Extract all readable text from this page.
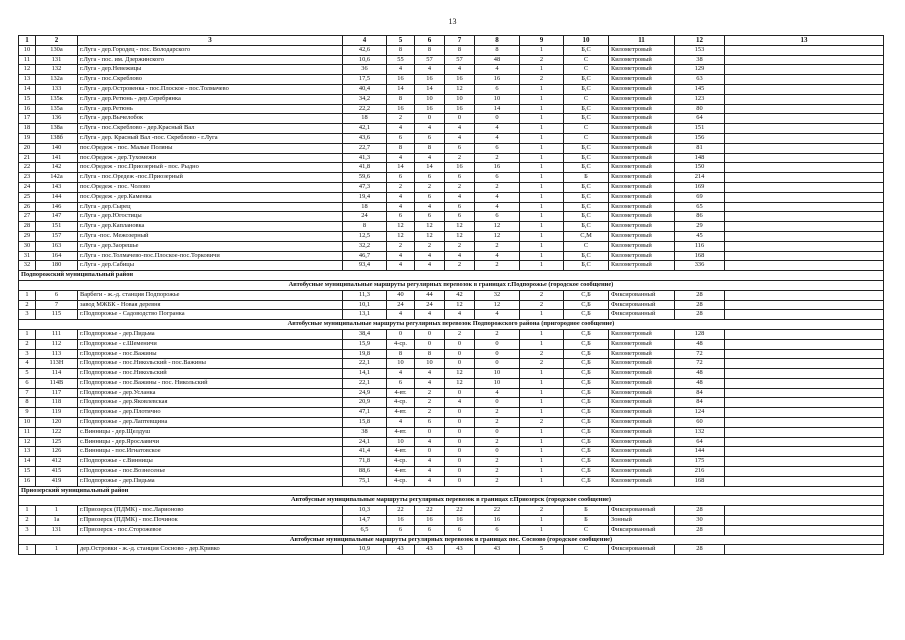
13
1	2	3	4	5	6	7	8	9	10	11	12	13
10	130а	г.Луга - дер.Городец - пос. Володарского	42,6	8	8	8	8	1	Б,С	Километровый	153	
11	131	г.Луга - пос. им. Дзержинского	10,6	55	57	57	48	2	С	Километровый	38	
12	132	г.Луга - дер.Невежицы	36	4	4	4	4	1	С	Километровый	129	
13	132а	г.Луга - пос.Скреблово	17,5	16	16	16	16	2	Б,С	Километровый	63	
14	133	г.Луга - дер.Островенка - пос.Плоское - пос.Толмачево	40,4	14	14	12	6	1	Б,С	Километровый	145	
15	135к	г.Луга - дер.Ретюнь - дер.Серебрянка	34,2	8	10	10	10	1	С	Километровый	123	
16	135а	г.Луга - дер.Ретюнь	22,2	16	16	16	14	1	Б,С	Километровый	80	
17	136	г.Луга - дер.Вычелобок	18	2	0	0	0	1	Б,С	Километровый	64	
18	138а	г.Луга - пос.Скреблово - дер.Красный Вал	42,1	4	4	4	4	1	С	Километровый	151	
19	138б	г.Луга - дер. Красный Вал -пос. Скреблово - г.Луга	43,6	6	6	4	4	1	С	Километровый	156	
20	140	пос.Оредеж - пос. Малые Поляны	22,7	8	8	6	6	1	Б,С	Километровый	81	
21	141	пос.Оредеж - дер.Тухомежи	41,3	4	4	2	2	1	Б,С	Километровый	148	
22	142	пос.Оредеж - пос.Приозерный - пос. Рыдно	41,8	14	14	16	16	1	Б,С	Километровый	150	
23	142а	г.Луга - пос.Оредеж -пос.Приозерный	59,6	6	6	6	6	1	Б	Километровый	214	
24	143	пос.Оредеж - пос. Чолово	47,3	2	2	2	2	1	Б,С	Километровый	169	
25	144	пос.Оредеж - дер.Каменка	19,4	4	6	4	4	1	Б,С	Километровый	69	
26	146	г.Луга - дер.Сырец	18	4	4	6	4	1	Б,С	Километровый	65	
27	147	г.Луга - дер.Югостицы	24	6	6	6	6	1	Б,С	Километровый	86	
28	151	г.Луга - дер.Каплановка	8	12	12	12	12	1	Б,С	Километровый	29	
29	157	г.Луга -пос. Межозерный	12,5	12	12	12	12	1	С,М	Километровый	45	
30	163	г.Луга - дер.Заорешье	32,2	2	2	2	2	1	С	Километровый	116	
31	164	г.Луга - пос.Толмачево-пос.Плоское-пос.Торковичи	46,7	4	4	4	4	1	Б,С	Километровый	168	
32	180	г.Луга - дер.Сабицы	93,4	4	4	2	2	1	Б,С	Километровый	336	
Подпорожский муниципальный район												
Автобусные муниципальные маршруты регулярных перевозок в границах г.Подпорожье (городское сообщение)												
1	6	Варбеги - ж.-д. станция Подпорожье	11,3	40	44	42	32	2	С,Б	Фиксированный	28	
2	7	завод МЖБК - Новая деревня	10,1	24	24	12	12	2	С,Б	Фиксированный	28	
3	115	г.Подпорожье - Садоводство Погранка	13,1	4	4	4	4	1	С,Б	Фиксированный	28	
Автобусные муниципальные маршруты регулярных перевозок Подпорожского района (пригородное сообщение)												
1	111	г.Подпорожье - дер.Пидьма	38,4	0	0	2	2	1	С,Б	Километровый	128	
2	112	г.Подпорожье - с.Шеменичи	15,9	4-ср.	0	0	0	1	С,Б	Километровый	48	
3	113	г.Подпорожье - пос.Важины	19,8	8	8	0	0	2	С,Б	Километровый	72	
4	113Н	г.Подпорожье - пос.Никольский - пос.Важины	22,1	10	10	0	0	2	С,Б	Километровый	72	
5	114	г.Подпорожье - пос.Никольский	14,1	4	4	12	10	1	С,Б	Километровый	48	
6	114В	г.Подпорожье - пос.Важины - пос. Никольский	22,1	6	4	12	10	1	С,Б	Километровый	48	
7	117	г.Подпорожье - дер.Усланка	24,9	4-вт.	2	0	4	1	С,Б	Километровый	84	
8	118	г.Подпорожье - дер.Яковлевская	20,9	4-ср.	2	4	0	1	С,Б	Километровый	84	
9	119	г.Подпорожье - дер.Плотично	47,1	4-вт.	2	0	2	1	С,Б	Километровый	124	
10	120	г.Подпорожье - дер.Лаптевщина	15,8	4	6	0	2	2	С,Б	Километровый	60	
11	122	с.Винницы - дер.Щелдуш	38	4-вт.	0	0	0	1	С,Б	Километровый	132	
12	125	с.Винницы - дер.Ярославичи	24,1	10	4	0	2	1	С,Б	Километровый	64	
13	126	с.Винницы - пос.Игнатовское	41,4	4-вт.	0	0	0	1	С,Б	Километровый	144	
14	412	г.Подпорожье - с.Винницы	71,8	4-ср.	4	0	2	1	С,Б	Километровый	175	
15	415	г.Подпорожье - пос.Вознесенье	88,6	4-вт.	4	0	2	1	С,Б	Километровый	216	
16	419	г.Подпорожье - дер.Пидьма	75,1	4-ср.	4	0	2	1	С,Б	Километровый	168	
Приозерский муниципальный район												
Автобусные муниципальные маршруты регулярных перевозок в границах г.Приозерск (городское сообщение)												
1	1	г.Приозерск (ПДМК) - пос.Ларионово	10,3	22	22	22	22	2	Б	Фиксированный	28	
2	1а	г.Приозерск (ПДМК) - пос.Починок	14,7	16	16	16	16	1	Б	Зонный	30	
3	131	г.Приозерск - пос.Сторожевое	6,5	6	6	6	6	1	С	Фиксированный	28	
Автобусные муниципальные маршруты регулярных перевозок в границах пос. Сосново (городское сообщение)												
1	1	дер.Островки - ж.-д. станция Сосново - дер.Кривко	10,9	43	43	43	43	5	С	Фиксированный	28	
